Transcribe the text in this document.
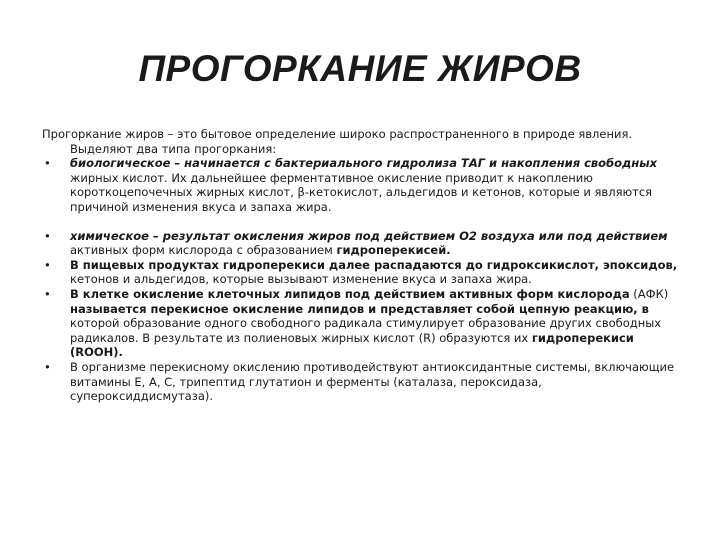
ПРОГОРКАНИЕ ЖИРОВ

Прогоркание жиров – это бытовое определение широко распространенного в природе явления.

Выделяют два типа прогоркания:

• биологическое – начинается с бактериального гидролиза ТАГ и накопления свободных жирных кислот. Их дальнейшее ферментативное окисление приводит к накоплению короткоцепочечных жирных кислот, β-кетокислот, альдегидов и кетонов, которые и являются причиной изменения вкуса и запаха жира.
• химическое – результат окисления жиров под действием О2 воздуха или под действием активных форм кислорода с образованием гидроперекисей.
• В пищевых продуктах гидроперекиси далее распадаются до гидроксикислот, эпоксидов, кетонов и альдегидов, которые вызывают изменение вкуса и запаха жира.
• В клетке окисление клеточных липидов под действием активных форм кислорода (АФК) называется перекисное окисление липидов и представляет собой цепную реакцию, в которой образование одного свободного радикала стимулирует образование других свободных радикалов. В результате из полиеновых жирных кислот (R) образуются их гидроперекиси (ROOH).
• В организме перекисному окислению противодействуют антиоксидантные системы, включающие витамины Е, А, С, трипептид глутатион и ферменты (каталаза, пероксидаза, супероксиддисмутаза).
